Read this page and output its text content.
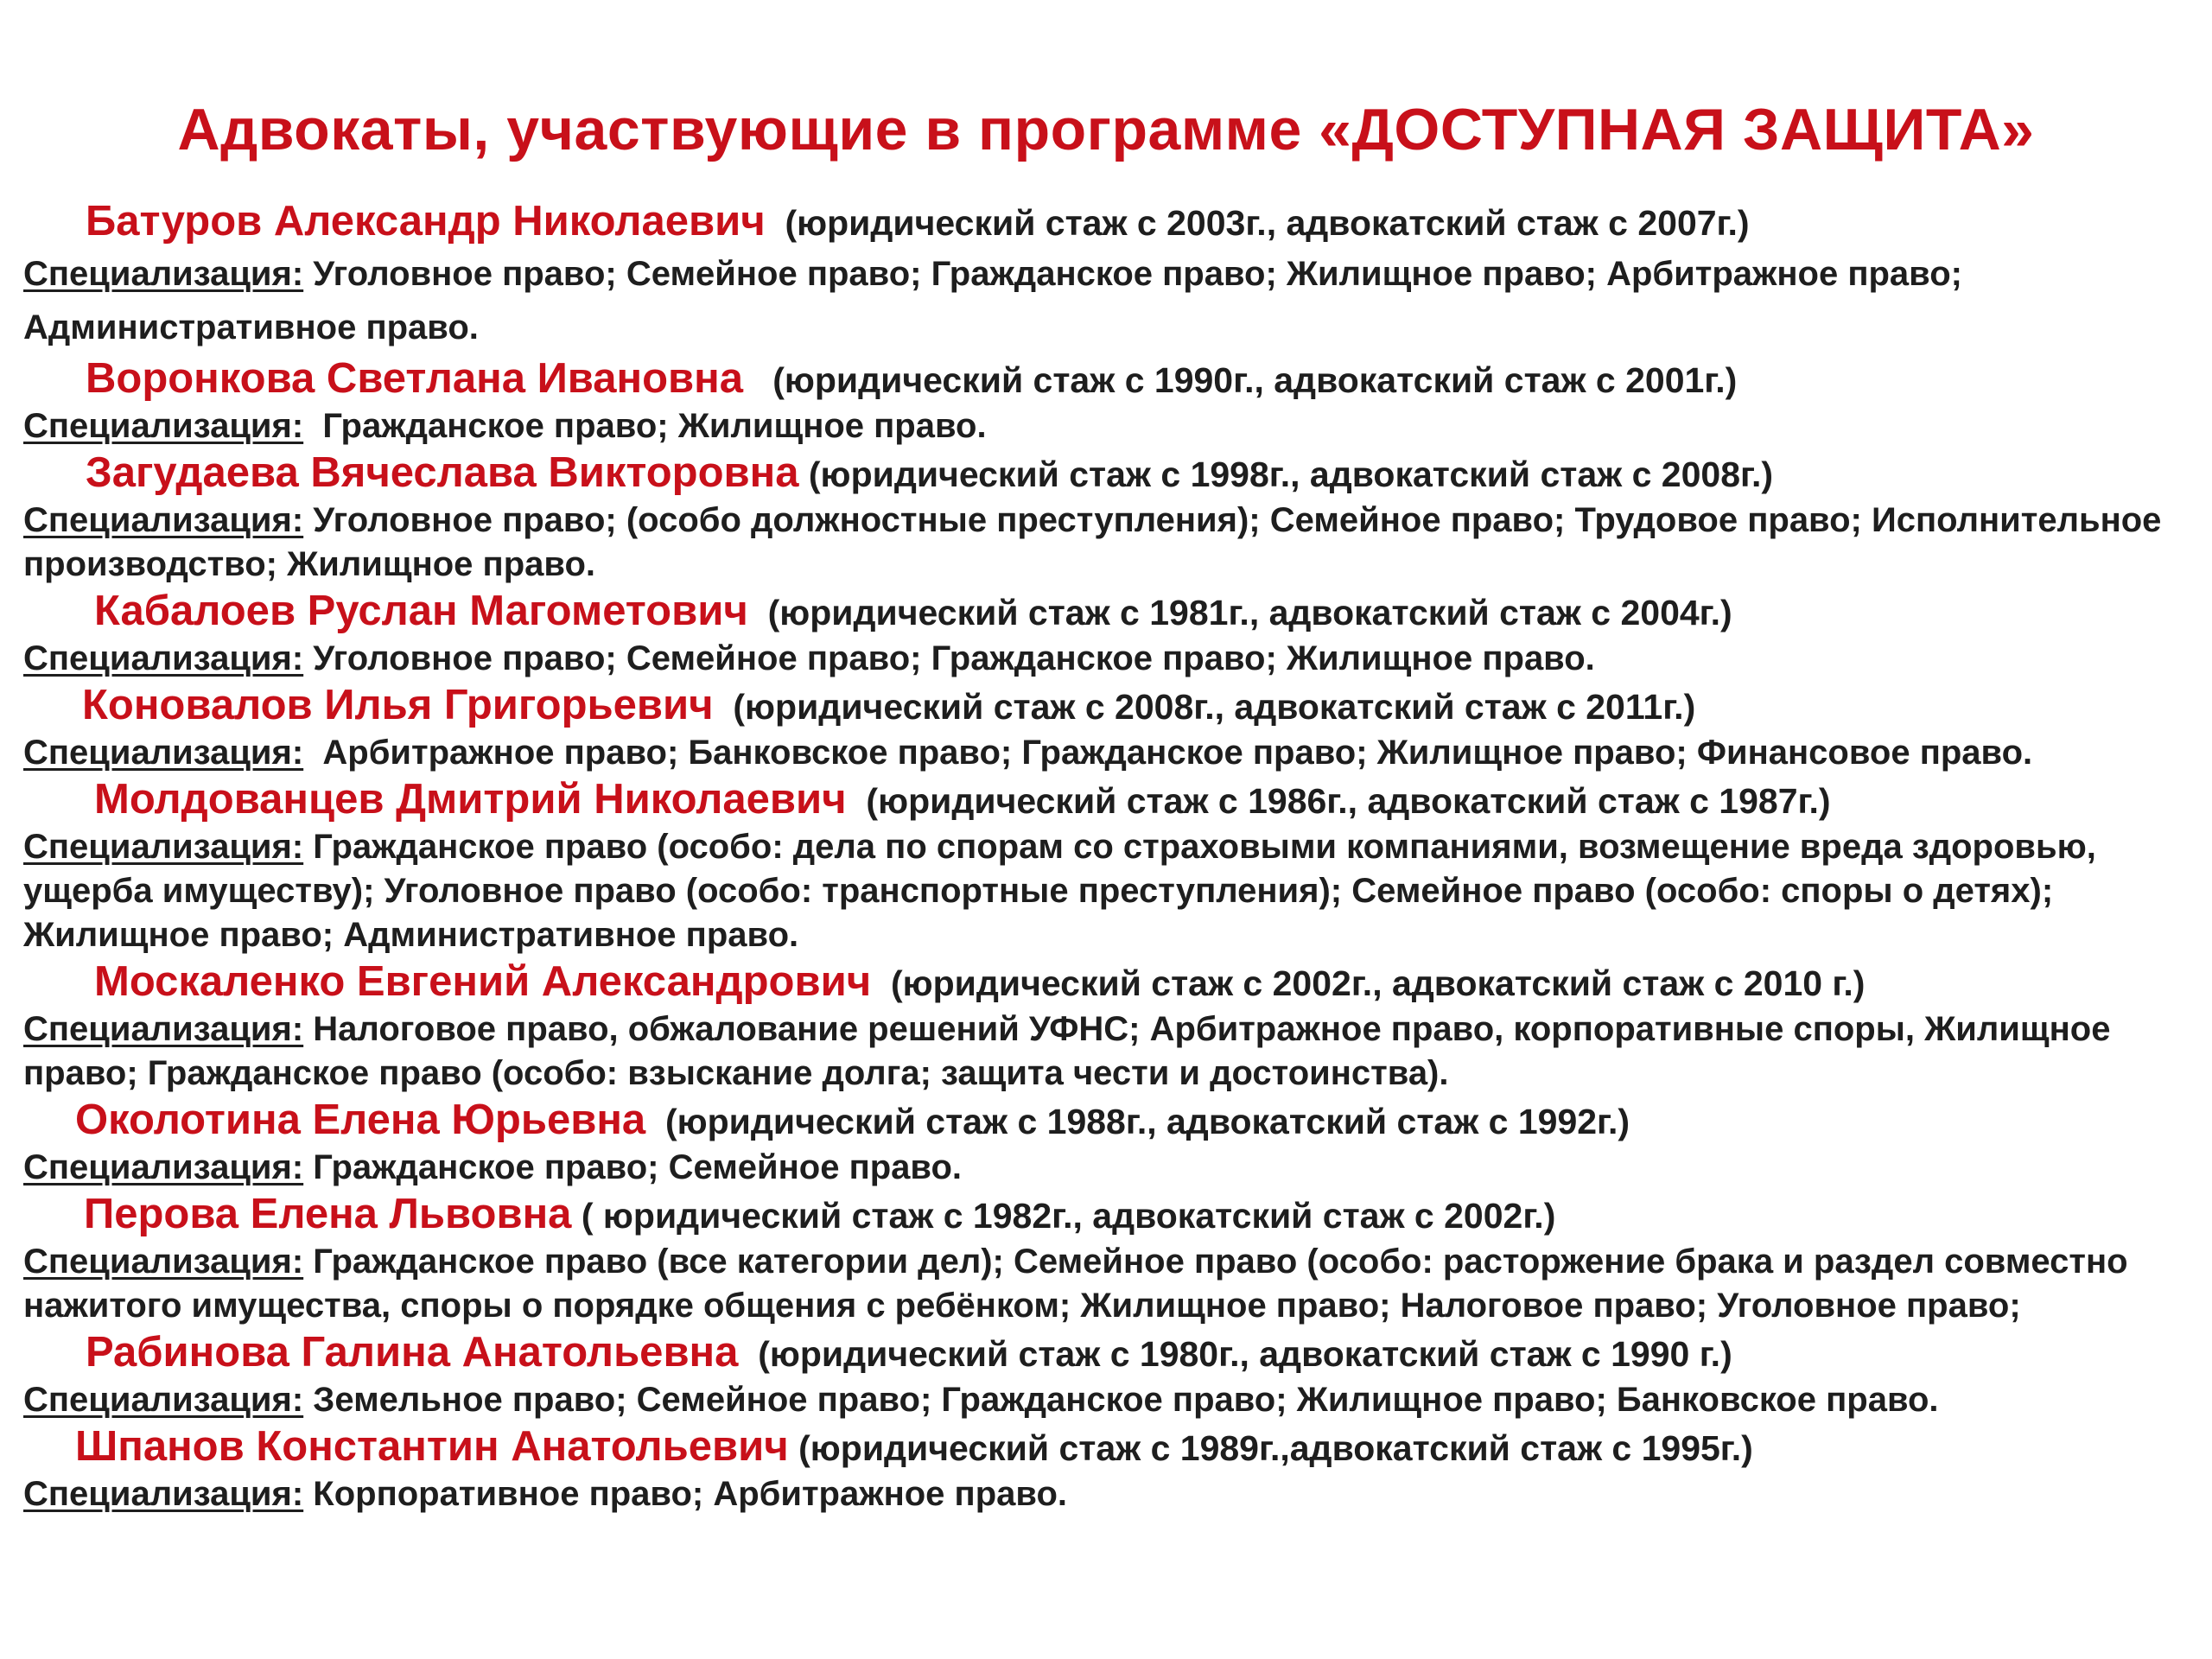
Адвокаты, участвующие в программе «ДОСТУПНАЯ ЗАЩИТА»
Батуров Александр Николаевич (юридический стаж с 2003г., адвокатский стаж с 2007г.)
Специализация: Уголовное право; Семейное право; Гражданское право; Жилищное право; Арбитражное право; Административное право.
Воронкова Светлана Ивановна (юридический стаж с 1990г., адвокатский стаж с 2001г.)
Специализация: Гражданское право; Жилищное право.
Загудаева Вячеслава Викторовна (юридический стаж с 1998г., адвокатский стаж с 2008г.)
Специализация: Уголовное право; (особо должностные преступления); Семейное право; Трудовое право; Исполнительное производство; Жилищное право.
Кабалоев Руслан Магометович (юридический стаж с 1981г., адвокатский стаж с 2004г.)
Специализация: Уголовное право; Семейное право; Гражданское право; Жилищное право.
Коновалов Илья Григорьевич (юридический стаж с 2008г., адвокатский стаж с 2011г.)
Специализация: Арбитражное право; Банковское право; Гражданское право; Жилищное право; Финансовое право.
Молдованцев Дмитрий Николаевич (юридический стаж с 1986г., адвокатский стаж с 1987г.)
Специализация: Гражданское право (особо: дела по спорам со страховыми компаниями, возмещение вреда здоровью, ущерба имуществу); Уголовное право (особо: транспортные преступления); Семейное право (особо: споры о детях); Жилищное право; Административное право.
Москаленко Евгений Александрович (юридический стаж с 2002г., адвокатский стаж с 2010 г.)
Специализация: Налоговое право, обжалование решений УФНС; Арбитражное право, корпоративные споры, Жилищное право; Гражданское право (особо: взыскание долга; защита чести и достоинства).
Околотина Елена Юрьевна (юридический стаж с 1988г., адвокатский стаж с 1992г.)
Специализация: Гражданское право; Семейное право.
Перова Елена Львовна ( юридический стаж с 1982г., адвокатский стаж с 2002г.)
Специализация: Гражданское право (все категории дел); Семейное право (особо: расторжение брака и раздел совместно нажитого имущества, споры о порядке общения с ребёнком; Жилищное право; Налоговое право; Уголовное право;
Рабинова Галина Анатольевна (юридический стаж с 1980г., адвокатский стаж с 1990 г.)
Специализация: Земельное право; Семейное право; Гражданское право; Жилищное право; Банковское право.
Шпанов Константин Анатольевич (юридический стаж с 1989г.,адвокатский стаж с 1995г.)
Специализация: Корпоративное право; Арбитражное право.
